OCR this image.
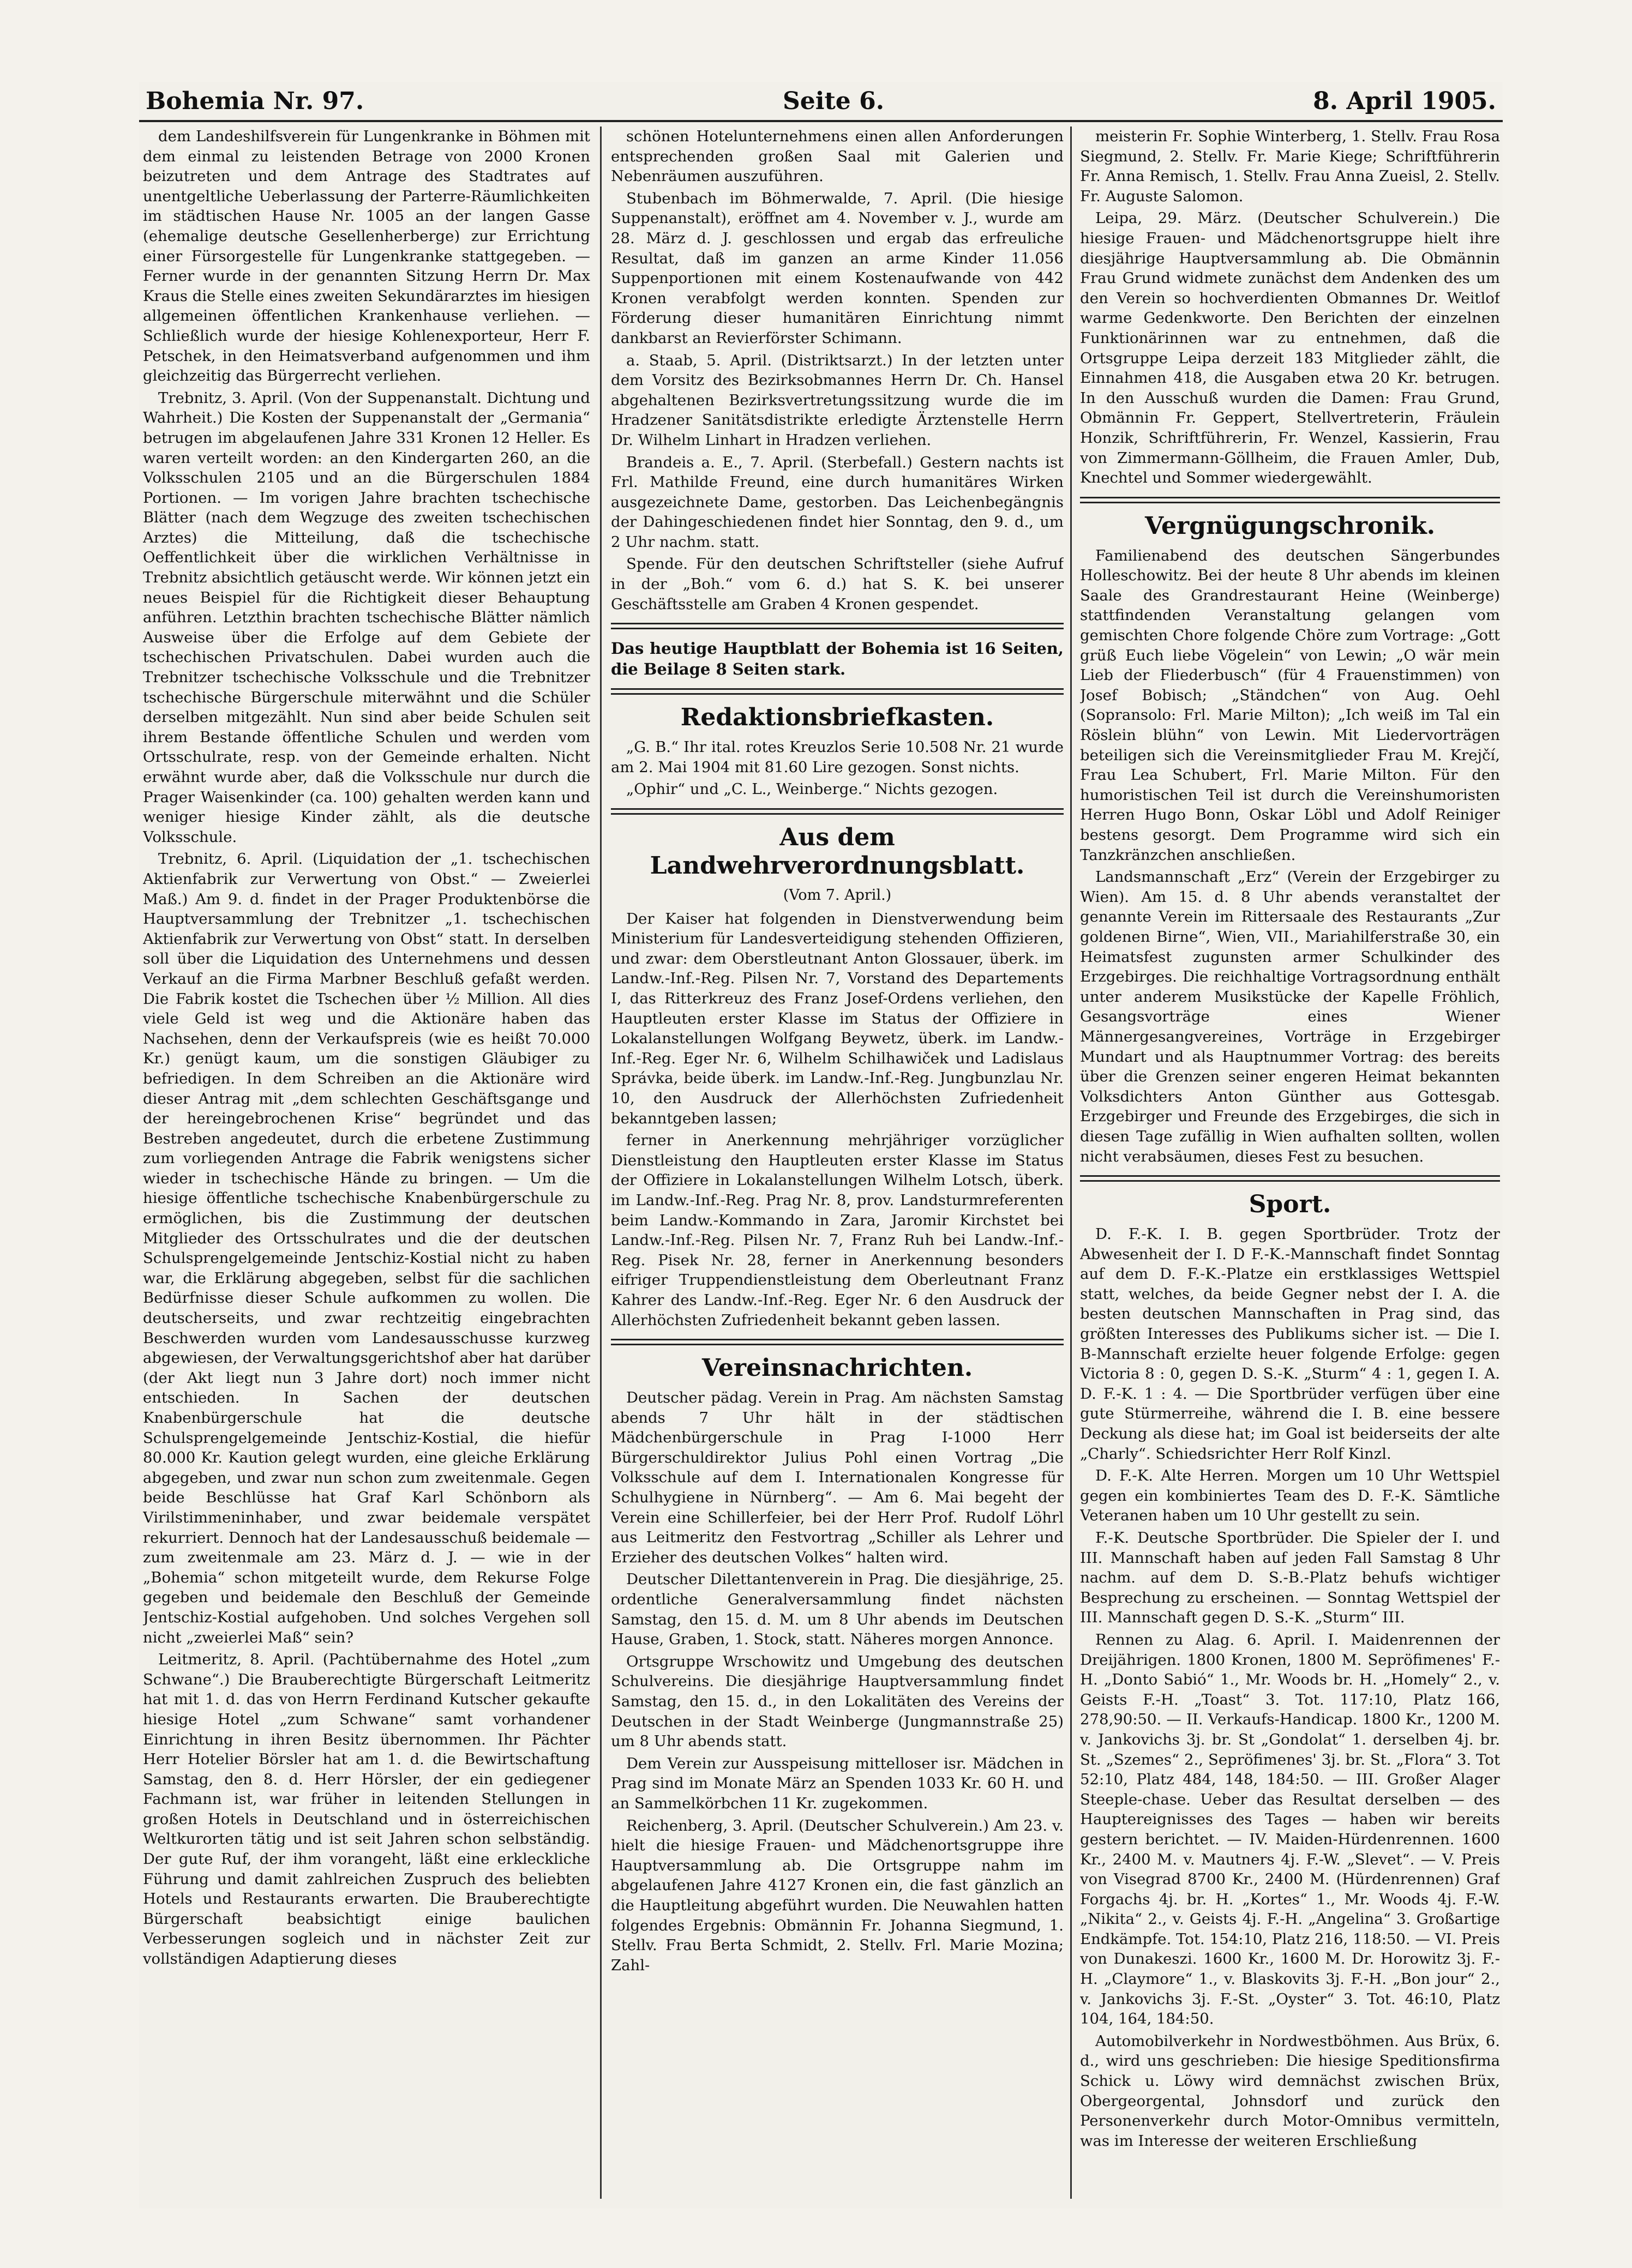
Bohemia Nr. 97.	Seite 6.	8. April 1905.

dem Landeshilfsverein für Lungenkranke in Böhmen mit dem einmal zu leistenden Betrage von 2000 Kronen beizutreten und dem Antrage des Stadtrates auf unentgeltliche Ueberlassung der Parterre-Räumlichkeiten im städtischen Hause Nr. 1005 an der langen Gasse (ehemalige deutsche Gesellenherberge) zur Errichtung einer Fürsorgestelle für Lungenkranke stattgegeben. — Ferner wurde in der genannten Sitzung Herrn Dr. Max Kraus die Stelle eines zweiten Sekundärarztes im hiesigen allgemeinen öffentlichen Krankenhause verliehen. — Schließlich wurde der hiesige Kohlenexporteur, Herr F. Petschek, in den Heimatsverband aufgenommen und ihm gleichzeitig das Bürgerrecht verliehen.

Trebnitz, 3. April. (Von der Suppenanstalt. Dichtung und Wahrheit.) Die Kosten der Suppenanstalt der „Germania“ betrugen im abgelaufenen Jahre 331 Kronen 12 Heller. Es waren verteilt worden: an den Kindergarten 260, an die Volksschulen 2105 und an die Bürgerschulen 1884 Portionen. — Im vorigen Jahre brachten tschechische Blätter (nach dem Wegzuge des zweiten tschechischen Arztes) die Mitteilung, daß die tschechische Oeffentlichkeit über die wirklichen Verhältnisse in Trebnitz absichtlich getäuscht werde. Wir können jetzt ein neues Beispiel für die Richtigkeit dieser Behauptung anführen. Letzthin brachten tschechische Blätter nämlich Ausweise über die Erfolge auf dem Gebiete der tschechischen Privatschulen. Dabei wurden auch die Trebnitzer tschechische Volksschule und die Trebnitzer tschechische Bürgerschule miterwähnt und die Schüler derselben mitgezählt. Nun sind aber beide Schulen seit ihrem Bestande öffentliche Schulen und werden vom Ortsschulrate, resp. von der Gemeinde erhalten. Nicht erwähnt wurde aber, daß die Volksschule nur durch die Prager Waisenkinder (ca. 100) gehalten werden kann und weniger hiesige Kinder zählt, als die deutsche Volksschule.

Trebnitz, 6. April. (Liquidation der „1. tschechischen Aktienfabrik zur Verwertung von Obst.“ — Zweierlei Maß.) Am 9. d. findet in der Prager Produktenbörse die Hauptversammlung der Trebnitzer „1. tschechischen Aktienfabrik zur Verwertung von Obst“ statt. In derselben soll über die Liquidation des Unternehmens und dessen Verkauf an die Firma Marbner Beschluß gefaßt werden. Die Fabrik kostet die Tschechen über ½ Million. All dies viele Geld ist weg und die Aktionäre haben das Nachsehen, denn der Verkaufspreis (wie es heißt 70.000 Kr.) genügt kaum, um die sonstigen Gläubiger zu befriedigen. In dem Schreiben an die Aktionäre wird dieser Antrag mit „dem schlechten Geschäftsgange und der hereingebrochenen Krise“ begründet und das Bestreben angedeutet, durch die erbetene Zustimmung zum vorliegenden Antrage die Fabrik wenigstens sicher wieder in tschechische Hände zu bringen. — Um die hiesige öffentliche tschechische Knabenbürgerschule zu ermöglichen, bis die Zustimmung der deutschen Mitglieder des Ortsschulrates und die der deutschen Schulsprengelgemeinde Jentschiz-Kostial nicht zu haben war, die Erklärung abgegeben, selbst für die sachlichen Bedürfnisse dieser Schule aufkommen zu wollen. Die deutscherseits, und zwar rechtzeitig eingebrachten Beschwerden wurden vom Landesausschusse kurzweg abgewiesen, der Verwaltungsgerichtshof aber hat darüber (der Akt liegt nun 3 Jahre dort) noch immer nicht entschieden. In Sachen der deutschen Knabenbürgerschule hat die deutsche Schulsprengelgemeinde Jentschiz-Kostial, die hiefür 80.000 Kr. Kaution gelegt wurden, eine gleiche Erklärung abgegeben, und zwar nun schon zum zweitenmale. Gegen beide Beschlüsse hat Graf Karl Schönborn als Virilstimmeninhaber, und zwar beidemale verspätet rekurriert. Dennoch hat der Landesausschuß beidemale — zum zweitenmale am 23. März d. J. — wie in der „Bohemia“ schon mitgeteilt wurde, dem Rekurse Folge gegeben und beidemale den Beschluß der Gemeinde Jentschiz-Kostial aufgehoben. Und solches Vergehen soll nicht „zweierlei Maß“ sein?

Leitmeritz, 8. April. (Pachtübernahme des Hotel „zum Schwane“.) Die Brauberechtigte Bürgerschaft Leitmeritz hat mit 1. d. das von Herrn Ferdinand Kutscher gekaufte hiesige Hotel „zum Schwane“ samt vorhandener Einrichtung in ihren Besitz übernommen. Ihr Pächter Herr Hotelier Börsler hat am 1. d. die Bewirtschaftung Samstag, den 8. d. Herr Hörsler, der ein gediegener Fachmann ist, war früher in leitenden Stellungen in großen Hotels in Deutschland und in österreichischen Weltkurorten tätig und ist seit Jahren schon selbständig. Der gute Ruf, der ihm vorangeht, läßt eine erkleckliche Führung und damit zahlreichen Zuspruch des beliebten Hotels und Restaurants erwarten. Die Brauberechtigte Bürgerschaft beabsichtigt einige baulichen Verbesserungen sogleich und in nächster Zeit zur vollständigen Adaptierung dieses

schönen Hotelunternehmens einen allen Anforderungen entsprechenden großen Saal mit Galerien und Nebenräumen auszuführen.

Stubenbach im Böhmerwalde, 7. April. (Die hiesige Suppenanstalt), eröffnet am 4. November v. J., wurde am 28. März d. J. geschlossen und ergab das erfreuliche Resultat, daß im ganzen an arme Kinder 11.056 Suppenportionen mit einem Kostenaufwande von 442 Kronen verabfolgt werden konnten. Spenden zur Förderung dieser humanitären Einrichtung nimmt dankbarst an Revierförster Schimann.

a. Staab, 5. April. (Distriktsarzt.) In der letzten unter dem Vorsitz des Bezirksobmannes Herrn Dr. Ch. Hansel abgehaltenen Bezirksvertretungssitzung wurde die im Hradzener Sanitätsdistrikte erledigte Ärztenstelle Herrn Dr. Wilhelm Linhart in Hradzen verliehen.

Brandeis a. E., 7. April. (Sterbefall.) Gestern nachts ist Frl. Mathilde Freund, eine durch humanitäres Wirken ausgezeichnete Dame, gestorben. Das Leichenbegängnis der Dahingeschiedenen findet hier Sonntag, den 9. d., um 2 Uhr nachm. statt.

Spende. Für den deutschen Schriftsteller (siehe Aufruf in der „Boh.“ vom 6. d.) hat S. K. bei unserer Geschäftsstelle am Graben 4 Kronen gespendet.

Das heutige Hauptblatt der Bohemia ist 16 Seiten, die Beilage 8 Seiten stark.

Redaktionsbriefkasten.

„G. B.“ Ihr ital. rotes Kreuzlos Serie 10.508 Nr. 21 wurde am 2. Mai 1904 mit 81.60 Lire gezogen. Sonst nichts.

„Ophir“ und „C. L., Weinberge.“ Nichts gezogen.

Aus dem Landwehrverordnungsblatt.
(Vom 7. April.)

Der Kaiser hat folgenden in Dienstverwendung beim Ministerium für Landesverteidigung stehenden Offizieren, und zwar: dem Oberstleutnant Anton Glossauer, überk. im Landw.-Inf.-Reg. Pilsen Nr. 7, Vorstand des Departements I, das Ritterkreuz des Franz Josef-Ordens verliehen, den Hauptleuten erster Klasse im Status der Offiziere in Lokalanstellungen Wolfgang Beywetz, überk. im Landw.-Inf.-Reg. Eger Nr. 6, Wilhelm Schilhawiček und Ladislaus Správka, beide überk. im Landw.-Inf.-Reg. Jungbunzlau Nr. 10, den Ausdruck der Allerhöchsten Zufriedenheit bekanntgeben lassen;

ferner in Anerkennung mehrjähriger vorzüglicher Dienstleistung den Hauptleuten erster Klasse im Status der Offiziere in Lokalanstellungen Wilhelm Lotsch, überk. im Landw.-Inf.-Reg. Prag Nr. 8, prov. Landsturmreferenten beim Landw.-Kommando in Zara, Jaromir Kirchstet bei Landw.-Inf.-Reg. Pilsen Nr. 7, Franz Ruh bei Landw.-Inf.-Reg. Pisek Nr. 28, ferner in Anerkennung besonders eifriger Truppendienstleistung dem Oberleutnant Franz Kahrer des Landw.-Inf.-Reg. Eger Nr. 6 den Ausdruck der Allerhöchsten Zufriedenheit bekannt geben lassen.

Vereinsnachrichten.

Deutscher pädag. Verein in Prag. Am nächsten Samstag abends 7 Uhr hält in der städtischen Mädchenbürgerschule in Prag I-1000 Herr Bürgerschuldirektor Julius Pohl einen Vortrag „Die Volksschule auf dem I. Internationalen Kongresse für Schulhygiene in Nürnberg“. — Am 6. Mai begeht der Verein eine Schillerfeier, bei der Herr Prof. Rudolf Löhrl aus Leitmeritz den Festvortrag „Schiller als Lehrer und Erzieher des deutschen Volkes“ halten wird.

Deutscher Dilettantenverein in Prag. Die diesjährige, 25. ordentliche Generalversammlung findet nächsten Samstag, den 15. d. M. um 8 Uhr abends im Deutschen Hause, Graben, 1. Stock, statt. Näheres morgen Annonce.

Ortsgruppe Wrschowitz und Umgebung des deutschen Schulvereins. Die diesjährige Hauptversammlung findet Samstag, den 15. d., in den Lokalitäten des Vereins der Deutschen in der Stadt Weinberge (Jungmannstraße 25) um 8 Uhr abends statt.

Dem Verein zur Ausspeisung mittelloser isr. Mädchen in Prag sind im Monate März an Spenden 1033 Kr. 60 H. und an Sammelkörbchen 11 Kr. zugekommen.

Reichenberg, 3. April. (Deutscher Schulverein.) Am 23. v. hielt die hiesige Frauen- und Mädchenortsgruppe ihre Hauptversammlung ab. Die Ortsgruppe nahm im abgelaufenen Jahre 4127 Kronen ein, die fast gänzlich an die Hauptleitung abgeführt wurden. Die Neuwahlen hatten folgendes Ergebnis: Obmännin Fr. Johanna Siegmund, 1. Stellv. Frau Berta Schmidt, 2. Stellv. Frl. Marie Mozina; Zahl-

meisterin Fr. Sophie Winterberg, 1. Stellv. Frau Rosa Siegmund, 2. Stellv. Fr. Marie Kiege; Schriftführerin Fr. Anna Remisch, 1. Stellv. Frau Anna Zueisl, 2. Stellv. Fr. Auguste Salomon.

Leipa, 29. März. (Deutscher Schulverein.) Die hiesige Frauen- und Mädchenortsgruppe hielt ihre diesjährige Hauptversammlung ab. Die Obmännin Frau Grund widmete zunächst dem Andenken des um den Verein so hochverdienten Obmannes Dr. Weitlof warme Gedenkworte. Den Berichten der einzelnen Funktionärinnen war zu entnehmen, daß die Ortsgruppe Leipa derzeit 183 Mitglieder zählt, die Einnahmen 418, die Ausgaben etwa 20 Kr. betrugen. In den Ausschuß wurden die Damen: Frau Grund, Obmännin Fr. Geppert, Stellvertreterin, Fräulein Honzik, Schriftführerin, Fr. Wenzel, Kassierin, Frau von Zimmermann-Göllheim, die Frauen Amler, Dub, Knechtel und Sommer wiedergewählt.

Vergnügungschronik.

Familienabend des deutschen Sängerbundes Holleschowitz. Bei der heute 8 Uhr abends im kleinen Saale des Grandrestaurant Heine (Weinberge) stattfindenden Veranstaltung gelangen vom gemischten Chore folgende Chöre zum Vortrage: „Gott grüß Euch liebe Vögelein“ von Lewin; „O wär mein Lieb der Fliederbusch“ (für 4 Frauenstimmen) von Josef Bobisch; „Ständchen“ von Aug. Oehl (Sopransolo: Frl. Marie Milton); „Ich weiß im Tal ein Röslein blühn“ von Lewin. Mit Liedervorträgen beteiligen sich die Vereinsmitglieder Frau M. Krejčí, Frau Lea Schubert, Frl. Marie Milton. Für den humoristischen Teil ist durch die Vereinshumoristen Herren Hugo Bonn, Oskar Löbl und Adolf Reiniger bestens gesorgt. Dem Programme wird sich ein Tanzkränzchen anschließen.

Landsmannschaft „Erz“ (Verein der Erzgebirger zu Wien). Am 15. d. 8 Uhr abends veranstaltet der genannte Verein im Rittersaale des Restaurants „Zur goldenen Birne“, Wien, VII., Mariahilferstraße 30, ein Heimatsfest zugunsten armer Schulkinder des Erzgebirges. Die reichhaltige Vortragsordnung enthält unter anderem Musikstücke der Kapelle Fröhlich, Gesangsvorträge eines Wiener Männergesangvereines, Vorträge in Erzgebirger Mundart und als Hauptnummer Vortrag: des bereits über die Grenzen seiner engeren Heimat bekannten Volksdichters Anton Günther aus Gottesgab. Erzgebirger und Freunde des Erzgebirges, die sich in diesen Tage zufällig in Wien aufhalten sollten, wollen nicht verabsäumen, dieses Fest zu besuchen.

Sport.

D. F.-K. I. B. gegen Sportbrüder. Trotz der Abwesenheit der I. D F.-K.-Mannschaft findet Sonntag auf dem D. F.-K.-Platze ein erstklassiges Wettspiel statt, welches, da beide Gegner nebst der I. A. die besten deutschen Mannschaften in Prag sind, das größten Interesses des Publikums sicher ist. — Die I. B-Mannschaft erzielte heuer folgende Erfolge: gegen Victoria 8 : 0, gegen D. S.-K. „Sturm“ 4 : 1, gegen I. A. D. F.-K. 1 : 4. — Die Sportbrüder verfügen über eine gute Stürmerreihe, während die I. B. eine bessere Deckung als diese hat; im Goal ist beiderseits der alte „Charly“. Schiedsrichter Herr Rolf Kinzl.

D. F.-K. Alte Herren. Morgen um 10 Uhr Wettspiel gegen ein kombiniertes Team des D. F.-K. Sämtliche Veteranen haben um 10 Uhr gestellt zu sein.

F.-K. Deutsche Sportbrüder. Die Spieler der I. und III. Mannschaft haben auf jeden Fall Samstag 8 Uhr nachm. auf dem D. S.-B.-Platz behufs wichtiger Besprechung zu erscheinen. — Sonntag Wettspiel der III. Mannschaft gegen D. S.-K. „Sturm“ III.

Rennen zu Alag. 6. April. I. Maidenrennen der Dreijährigen. 1800 Kronen, 1800 M. Sepröfimenes' F.-H. „Donto Sabió“ 1., Mr. Woods br. H. „Homely“ 2., v. Geists F.-H. „Toast“ 3. Tot. 117:10, Platz 166, 278,90:50. — II. Verkaufs-Handicap. 1800 Kr., 1200 M. v. Jankovichs 3j. br. St „Gondolat“ 1. derselben 4j. br. St. „Szemes“ 2., Sepröfimenes' 3j. br. St. „Flora“ 3. Tot 52:10, Platz 484, 148, 184:50. — III. Großer Alager Steeple-chase. Ueber das Resultat derselben — des Hauptereignisses des Tages — haben wir bereits gestern berichtet. — IV. Maiden-Hürdenrennen. 1600 Kr., 2400 M. v. Mautners 4j. F.-W. „Slevet“. — V. Preis von Visegrad 8700 Kr., 2400 M. (Hürdenrennen) Graf Forgachs 4j. br. H. „Kortes“ 1., Mr. Woods 4j. F.-W. „Nikita“ 2., v. Geists 4j. F.-H. „Angelina“ 3. Großartige Endkämpfe. Tot. 154:10, Platz 216, 118:50. — VI. Preis von Dunakeszi. 1600 Kr., 1600 M. Dr. Horowitz 3j. F.-H. „Claymore“ 1., v. Blaskovits 3j. F.-H. „Bon jour“ 2., v. Jankovichs 3j. F.-St. „Oyster“ 3. Tot. 46:10, Platz 104, 164, 184:50.

Automobilverkehr in Nordwestböhmen. Aus Brüx, 6. d., wird uns geschrieben: Die hiesige Speditionsfirma Schick u. Löwy wird demnächst zwischen Brüx, Obergeorgental, Johnsdorf und zurück den Personenverkehr durch Motor-Omnibus vermitteln, was im Interesse der weiteren Erschließung
